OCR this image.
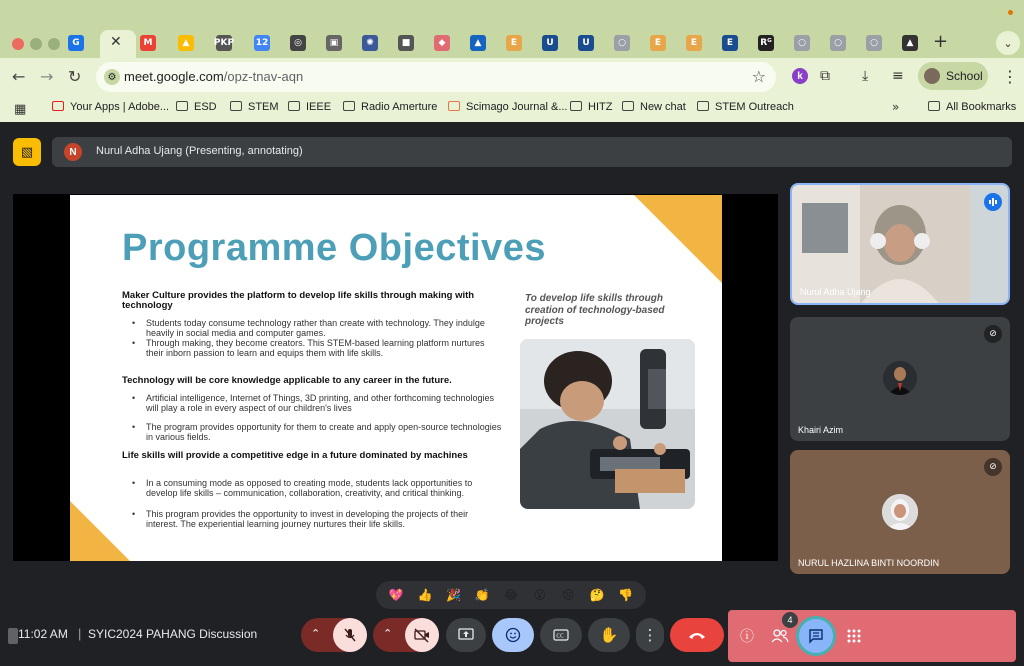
✕
G	M	▲	PKP 12	◎	▣	✺	■	◆	▲	E	U	U	○	E	E	E	Rᴳ	○	○	○	▲ +	⌄
← → ↻	⚙ meet.google.com/opz-tnav-aqn	☆	k	⧉ ⤓ ≡	School ⋮
▦	Your Apps | Adobe...	ESD	STEM	IEEE	Radio Amerture	Scimago Journal &...	HITZ	New chat	STEM Outreach	»	All Bookmarks
▧	N	Nurul Adha Ujang (Presenting, annotating)
Programme Objectives
Maker Culture provides the platform to develop life skills through making with technology
• Students today consume technology rather than create with technology. They indulge heavily in social media and computer games.
• Through making, they become creators. This STEM-based learning platform nurtures their inborn passion to learn and equips them with life skills.
Technology will be core knowledge applicable to any career in the future.
• Artificial intelligence, Internet of Things, 3D printing, and other forthcoming technologies will play a role in every aspect of our children's lives
• The program provides opportunity for them to create and apply open-source technologies in various fields.
Life skills will provide a competitive edge in a future dominated by machines
• In a consuming mode as opposed to creating mode, students lack opportunities to develop life skills – communication, collaboration, creativity, and critical thinking.
• This program provides the opportunity to invest in developing the projects of their interest. The experiential learning journey nurtures their life skills.
To develop life skills through creation of technology-based projects
Nurul Adha Ujang
⊘
Khairi Azim
⊘
NURUL HAZLINA BINTI NOORDIN
💖 👍 🎉 👏 😂	😮	😢	🤔 👎
11:02 AM | SYIC2024 PAHANG Discussion	⌃	⌃	CC ✋ ⋮	ⓘ
4
